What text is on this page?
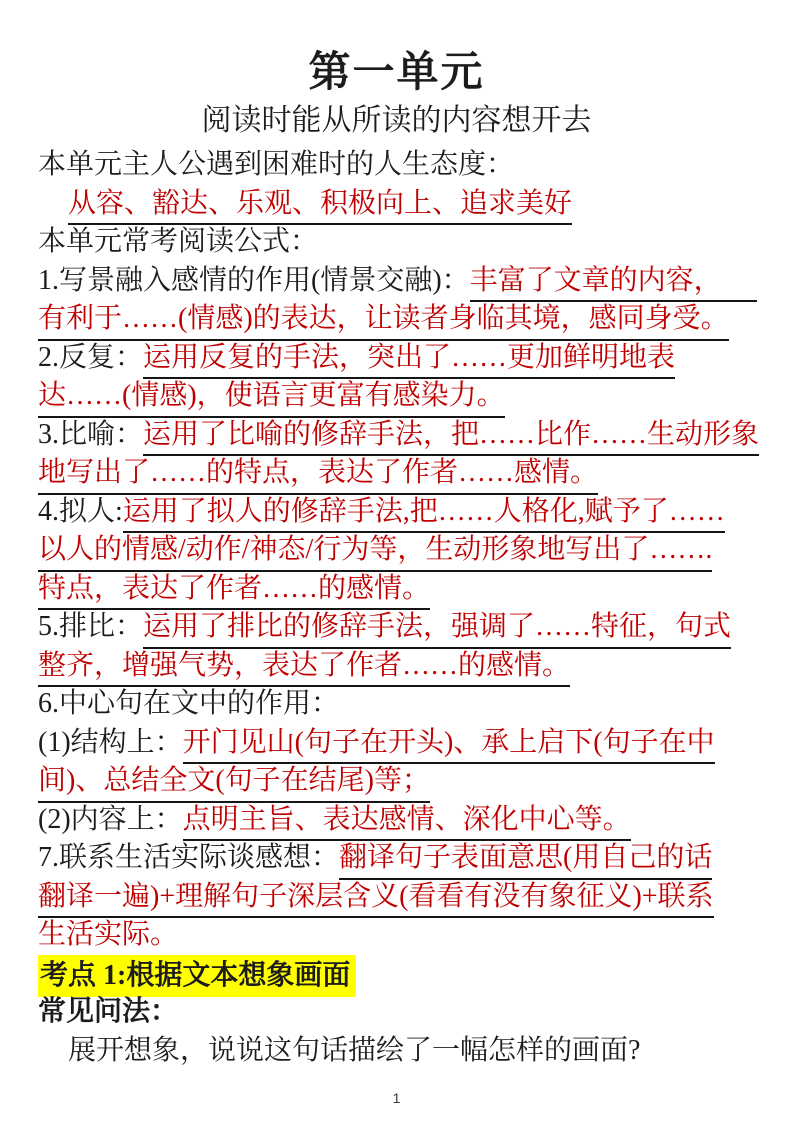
第一单元
阅读时能从所读的内容想开去
本单元主人公遇到困难时的人生态度：
从容、豁达、乐观、积极向上、追求美好
本单元常考阅读公式：
1.写景融入感情的作用(情景交融)： 丰富了文章的内容，
有利于……(情感)的表达，让读者身临其境，感同身受。
2.反复： 运用反复的手法，突出了……更加鲜明地表
达……(情感)，使语言更富有感染力。
3.比喻： 运用了比喻的修辞手法，把……比作……生动形象
地写出了……的特点，表达了作者……感情。
4.拟人: 运用了拟人的修辞手法,把……人格化,赋予了……
以人的情感/动作/神态/行为等，生动形象地写出了…….
特点，表达了作者……的感情。
5.排比： 运用了排比的修辞手法，强调了……特征，句式
整齐，增强气势，表达了作者……的感情。
6.中心句在文中的作用：
(1)结构上： 开门见山(句子在开头)、承上启下(句子在中
间)、总结全文(句子在结尾)等；
(2)内容上： 点明主旨、表达感情、深化中心等。
7.联系生活实际谈感想： 翻译句子表面意思(用自己的话
翻译一遍)+理解句子深层含义(看看有没有象征义)+联系
生活实际。
考点 1:根据文本想象画面
常见问法：
展开想象，说说这句话描绘了一幅怎样的画面?
1
